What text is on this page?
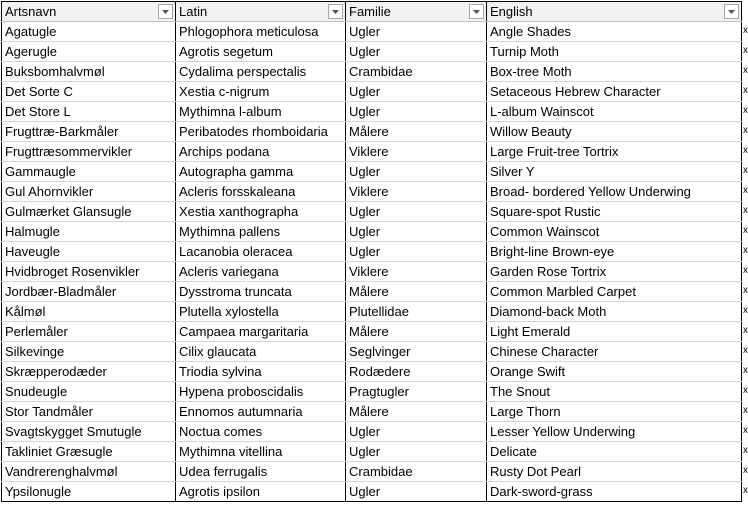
Artsnavn	Latin	Familie	English

Agatugle	Phlogophora meticulosa	Ugler	Angle Shades
Agerugle	Agrotis segetum	Ugler	Turnip Moth
Buksbomhalvmøl	Cydalima perspectalis	Crambidae	Box-tree Moth
Det Sorte C	Xestia c-nigrum	Ugler	Setaceous Hebrew Character
Det Store L	Mythimna l-album	Ugler	L-album Wainscot
Frugttræ-Barkmåler	Peribatodes rhomboidaria	Målere	Willow Beauty
Frugttræsommervikler	Archips podana	Viklere	Large Fruit-tree Tortrix
Gammaugle	Autographa gamma	Ugler	Silver Y
Gul Ahornvikler	Acleris forsskaleana	Viklere	Broad- bordered Yellow Underwing
Gulmærket Glansugle	Xestia xanthographa	Ugler	Square-spot Rustic
Halmugle	Mythimna pallens	Ugler	Common Wainscot
Haveugle	Lacanobia oleracea	Ugler	Bright-line Brown-eye
Hvidbroget Rosenvikler	Acleris variegana	Viklere	Garden Rose Tortrix
Jordbær-Bladmåler	Dysstroma truncata	Målere	Common Marbled Carpet
Kålmøl	Plutella xylostella	Plutellidae	Diamond-back Moth
Perlemåler	Campaea margaritaria	Målere	Light Emerald
Silkevinge	Cilix glaucata	Seglvinger	Chinese Character
Skræpperodæder	Triodia sylvina	Rodædere	Orange Swift
Snudeugle	Hypena proboscidalis	Pragtugler	The Snout
Stor Tandmåler	Ennomos autumnaria	Målere	Large Thorn
Svagtskygget Smutugle	Noctua comes	Ugler	Lesser Yellow Underwing
Takliniet Græsugle	Mythimna vitellina	Ugler	Delicate
Vandrerenghalvmøl	Udea ferrugalis	Crambidae	Rusty Dot Pearl
Ypsilonugle	Agrotis ipsilon	Ugler	Dark-sword-grass
x
x
x
x
x
x
x
x
x
x
x
x
x
x
x
x
x
x
x
x
x
x
x
x
